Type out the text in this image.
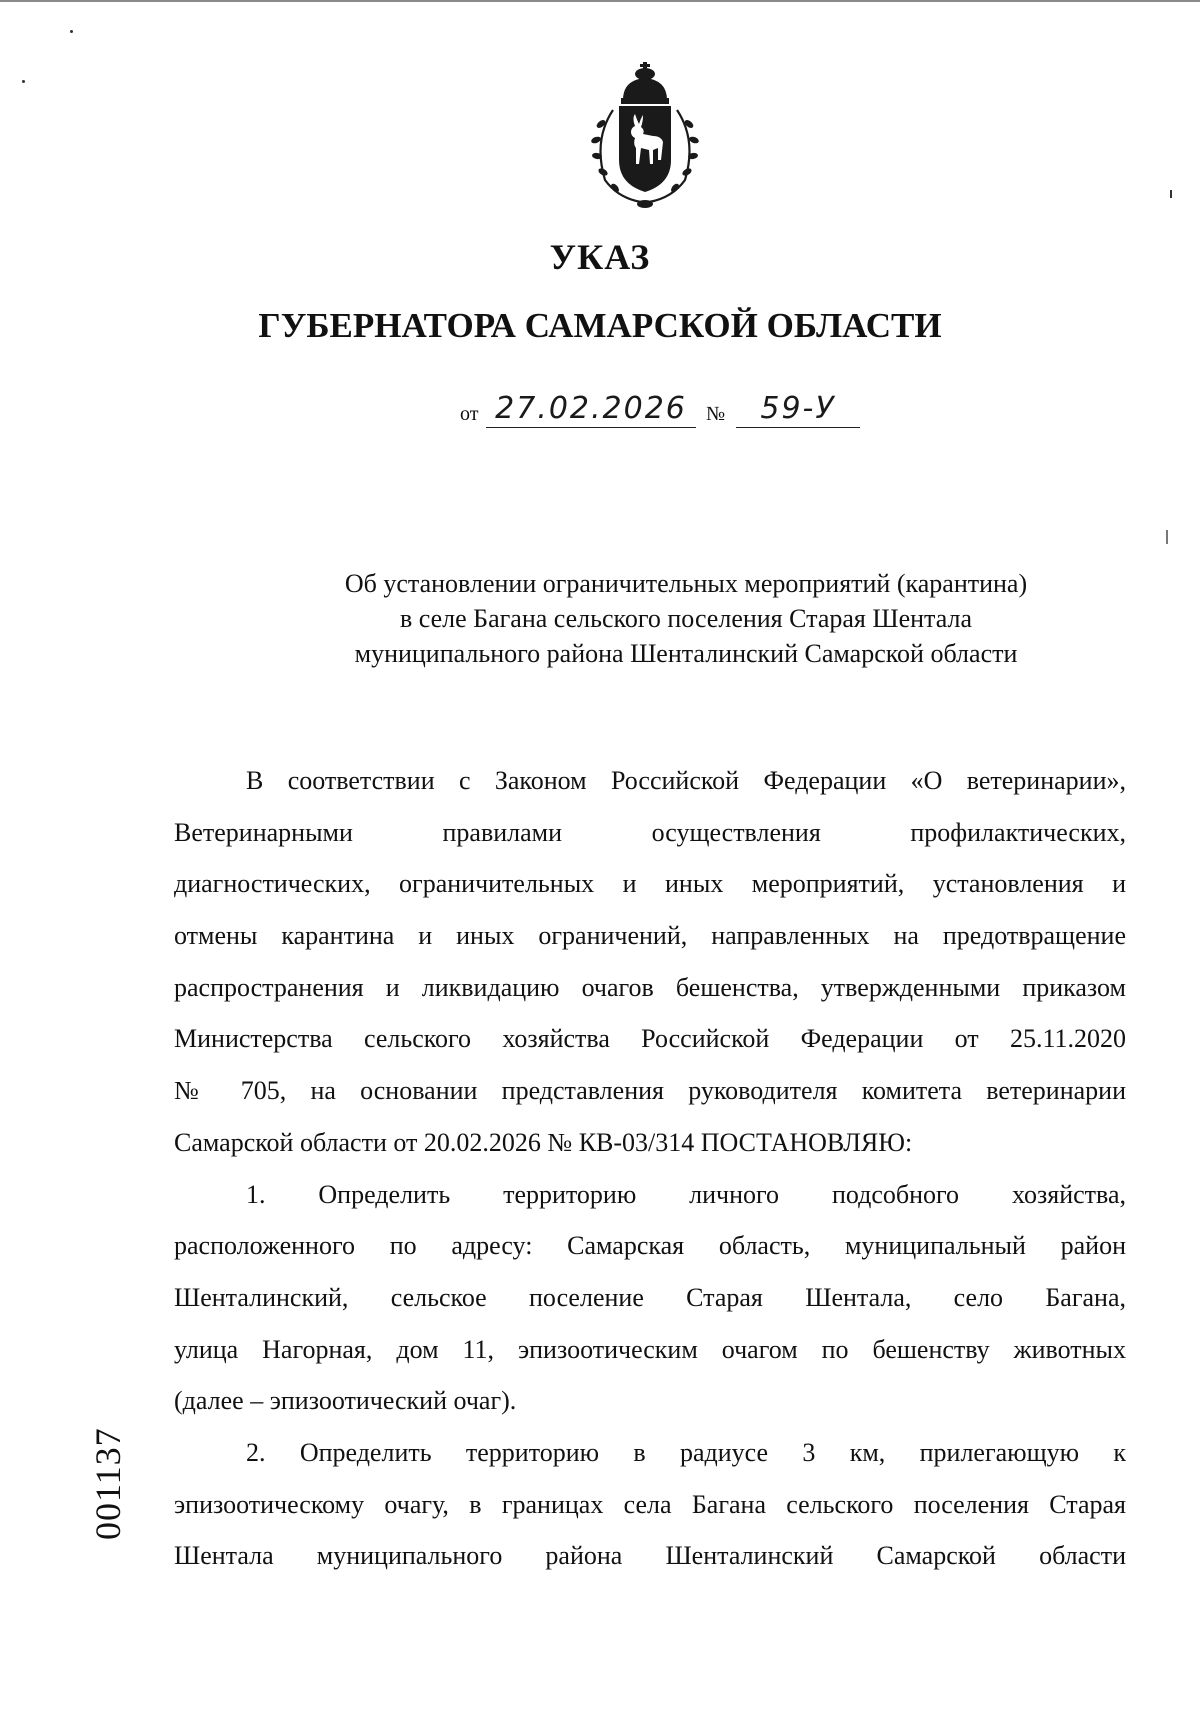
УКАЗ
ГУБЕРНАТОРА САМАРСКОЙ ОБЛАСТИ
от 27.02.2026 №	59-У
Об установлении ограничительных мероприятий (карантина)
в селе Багана сельского поселения Старая Шентала
муниципального района Шенталинский Самарской области
В соответствии с Законом Российской Федерации «О ветеринарии»,
Ветеринарными правилами осуществления профилактических,
диагностических, ограничительных и иных мероприятий, установления и
отмены карантина и иных ограничений, направленных на предотвращение
распространения и ликвидацию очагов бешенства, утвержденными приказом
Министерства сельского хозяйства Российской Федерации от 25.11.2020
№ 705, на основании представления руководителя комитета ветеринарии
Самарской области от 20.02.2026 № КВ-03/314 ПОСТАНОВЛЯЮ:
1. Определить территорию личного подсобного хозяйства,
расположенного по адресу: Самарская область, муниципальный район
Шенталинский, сельское поселение Старая Шентала, село Багана,
улица Нагорная, дом 11, эпизоотическим очагом по бешенству животных
(далее – эпизоотический очаг).
2. Определить территорию в радиусе 3 км, прилегающую к
эпизоотическому очагу, в границах села Багана сельского поселения Старая
Шентала муниципального района Шенталинский Самарской области
001137
